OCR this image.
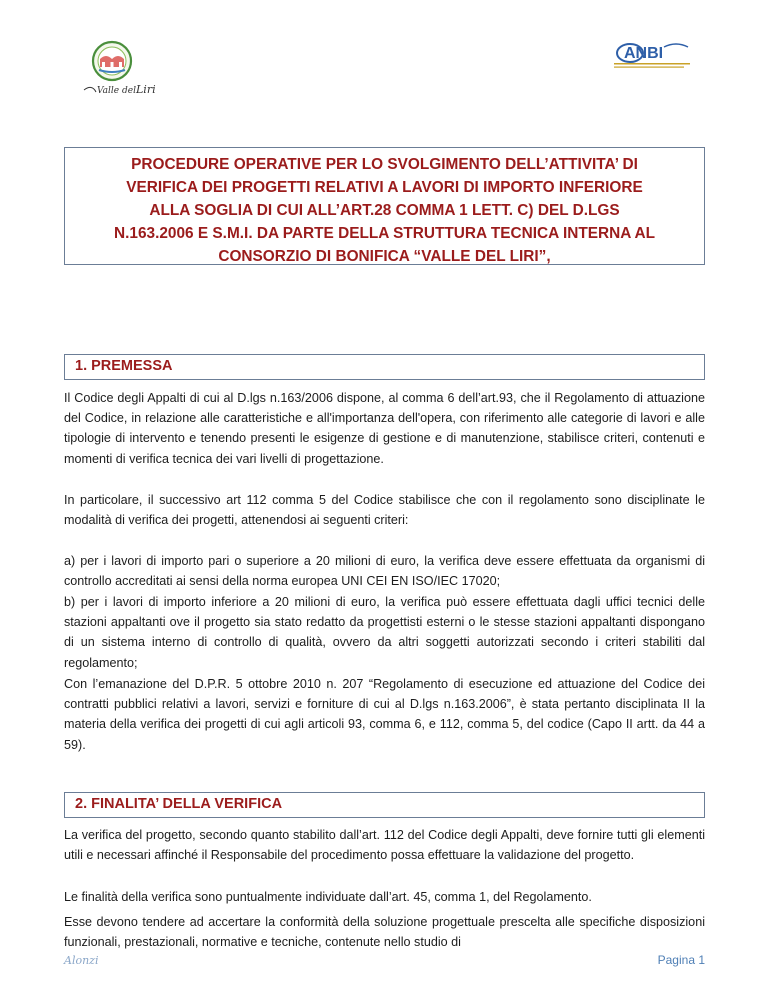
Valle del Liri
ANBI

PROCEDURE OPERATIVE PER LO SVOLGIMENTO DELL’ATTIVITA’ DI
VERIFICA DEI PROGETTI RELATIVI A LAVORI DI IMPORTO INFERIORE
ALLA SOGLIA DI CUI ALL’ART.28 COMMA 1 LETT. C) DEL D.LGS
N.163.2006 E S.M.I. DA PARTE DELLA STRUTTURA TECNICA INTERNA AL
CONSORZIO DI BONIFICA “VALLE DEL LIRI”,

1. PREMESSA

Il Codice degli Appalti di cui al D.lgs n.163/2006 dispone, al comma 6 dell’art.93, che il Regolamento di attuazione del Codice, in relazione alle caratteristiche e all'importanza dell'opera, con riferimento alle categorie di lavori e alle tipologie di intervento e tenendo presenti le esigenze di gestione e di manutenzione, stabilisce criteri, contenuti e momenti di verifica tecnica dei vari livelli di progettazione.

In particolare, il successivo art 112 comma 5 del Codice stabilisce che con il regolamento sono disciplinate le modalità di verifica dei progetti, attenendosi ai seguenti criteri:

a) per i lavori di importo pari o superiore a 20 milioni di euro, la verifica deve essere effettuata da organismi di controllo accreditati ai sensi della norma europea UNI CEI EN ISO/IEC 17020;

b) per i lavori di importo inferiore a 20 milioni di euro, la verifica può essere effettuata dagli uffici tecnici delle stazioni appaltanti ove il progetto sia stato redatto da progettisti esterni o le stesse stazioni appaltanti dispongano di un sistema interno di controllo di qualità, ovvero da altri soggetti autorizzati secondo i criteri stabiliti dal regolamento;

Con l’emanazione del D.P.R. 5 ottobre 2010 n. 207 “Regolamento di esecuzione ed attuazione del Codice dei contratti pubblici relativi a lavori, servizi e forniture di cui al D.lgs n.163.2006”, è stata pertanto disciplinata II la materia della verifica dei progetti di cui agli articoli 93, comma 6, e 112, comma 5, del codice (Capo II artt. da 44 a 59).

2. FINALITA’ DELLA VERIFICA

La verifica del progetto, secondo quanto stabilito dall’art. 112 del Codice degli Appalti, deve fornire tutti gli elementi utili e necessari affinché il Responsabile del procedimento possa effettuare la validazione del progetto.

Le finalità della verifica sono puntualmente individuate dall’art. 45, comma 1, del Regolamento.

Esse devono tendere ad accertare la conformità della soluzione progettuale prescelta alle specifiche disposizioni funzionali, prestazionali, normative e tecniche, contenute nello studio di

Alonzi	Pagina 1
